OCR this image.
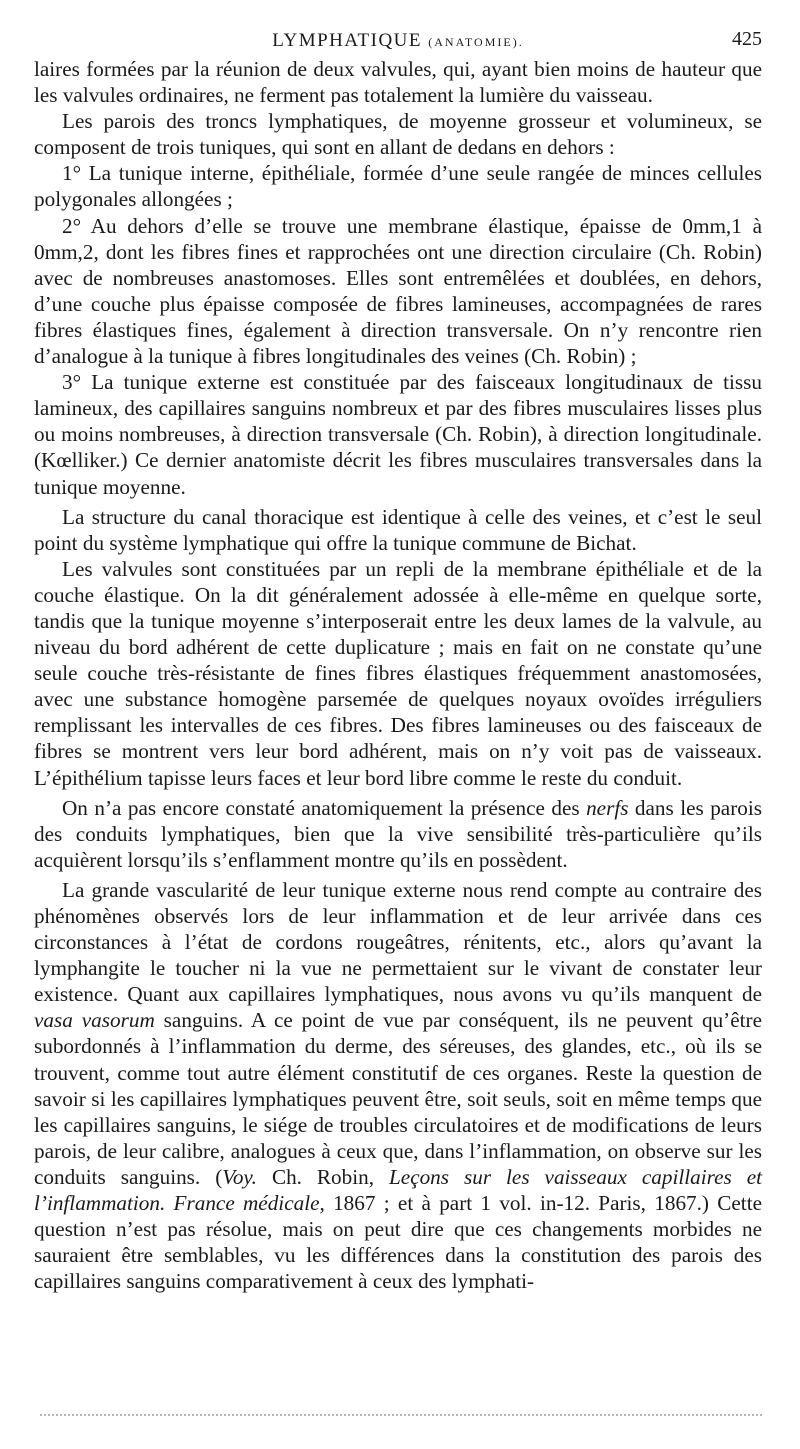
LYMPHATIQUE (ANATOMIE).	425

laires formées par la réunion de deux valvules, qui, ayant bien moins de hauteur que les valvules ordinaires, ne ferment pas totalement la lumière du vaisseau.

Les parois des troncs lymphatiques, de moyenne grosseur et volumineux, se composent de trois tuniques, qui sont en allant de dedans en dehors :

1° La tunique interne, épithéliale, formée d’une seule rangée de minces cellules polygonales allongées ;

2° Au dehors d’elle se trouve une membrane élastique, épaisse de 0mm,1 à 0mm,2, dont les fibres fines et rapprochées ont une direction circulaire (Ch. Robin) avec de nombreuses anastomoses. Elles sont entremêlées et doublées, en dehors, d’une couche plus épaisse composée de fibres lamineuses, accompagnées de rares fibres élastiques fines, également à direction transversale. On n’y rencontre rien d’analogue à la tunique à fibres longitudinales des veines (Ch. Robin) ;

3° La tunique externe est constituée par des faisceaux longitudinaux de tissu lamineux, des capillaires sanguins nombreux et par des fibres musculaires lisses plus ou moins nombreuses, à direction transversale (Ch. Robin), à direction longitudinale. (Kœlliker.) Ce dernier anatomiste décrit les fibres musculaires transversales dans la tunique moyenne.

La structure du canal thoracique est identique à celle des veines, et c’est le seul point du système lymphatique qui offre la tunique commune de Bichat.

Les valvules sont constituées par un repli de la membrane épithéliale et de la couche élastique. On la dit généralement adossée à elle-même en quelque sorte, tandis que la tunique moyenne s’interposerait entre les deux lames de la valvule, au niveau du bord adhérent de cette duplicature ; mais en fait on ne constate qu’une seule couche très-résistante de fines fibres élastiques fréquemment anastomosées, avec une substance homogène parsemée de quelques noyaux ovoïdes irréguliers remplissant les intervalles de ces fibres. Des fibres lamineuses ou des faisceaux de fibres se montrent vers leur bord adhérent, mais on n’y voit pas de vaisseaux. L’épithélium tapisse leurs faces et leur bord libre comme le reste du conduit.

On n’a pas encore constaté anatomiquement la présence des nerfs dans les parois des conduits lymphatiques, bien que la vive sensibilité très-particulière qu’ils acquièrent lorsqu’ils s’enflamment montre qu’ils en possèdent.

La grande vascularité de leur tunique externe nous rend compte au contraire des phénomènes observés lors de leur inflammation et de leur arrivée dans ces circonstances à l’état de cordons rougeâtres, rénitents, etc., alors qu’avant la lymphangite le toucher ni la vue ne permettaient sur le vivant de constater leur existence. Quant aux capillaires lymphatiques, nous avons vu qu’ils manquent de vasa vasorum sanguins. A ce point de vue par conséquent, ils ne peuvent qu’être subordonnés à l’inflammation du derme, des séreuses, des glandes, etc., où ils se trouvent, comme tout autre élément constitutif de ces organes. Reste la question de savoir si les capillaires lymphatiques peuvent être, soit seuls, soit en même temps que les capillaires sanguins, le siége de troubles circulatoires et de modifications de leurs parois, de leur calibre, analogues à ceux que, dans l’inflammation, on observe sur les conduits sanguins. (Voy. Ch. Robin, Leçons sur les vaisseaux capillaires et l’inflammation. France médicale, 1867 ; et à part 1 vol. in-12. Paris, 1867.) Cette question n’est pas résolue, mais on peut dire que ces changements morbides ne sauraient être semblables, vu les différences dans la constitution des parois des capillaires sanguins comparativement à ceux des lymphati-
